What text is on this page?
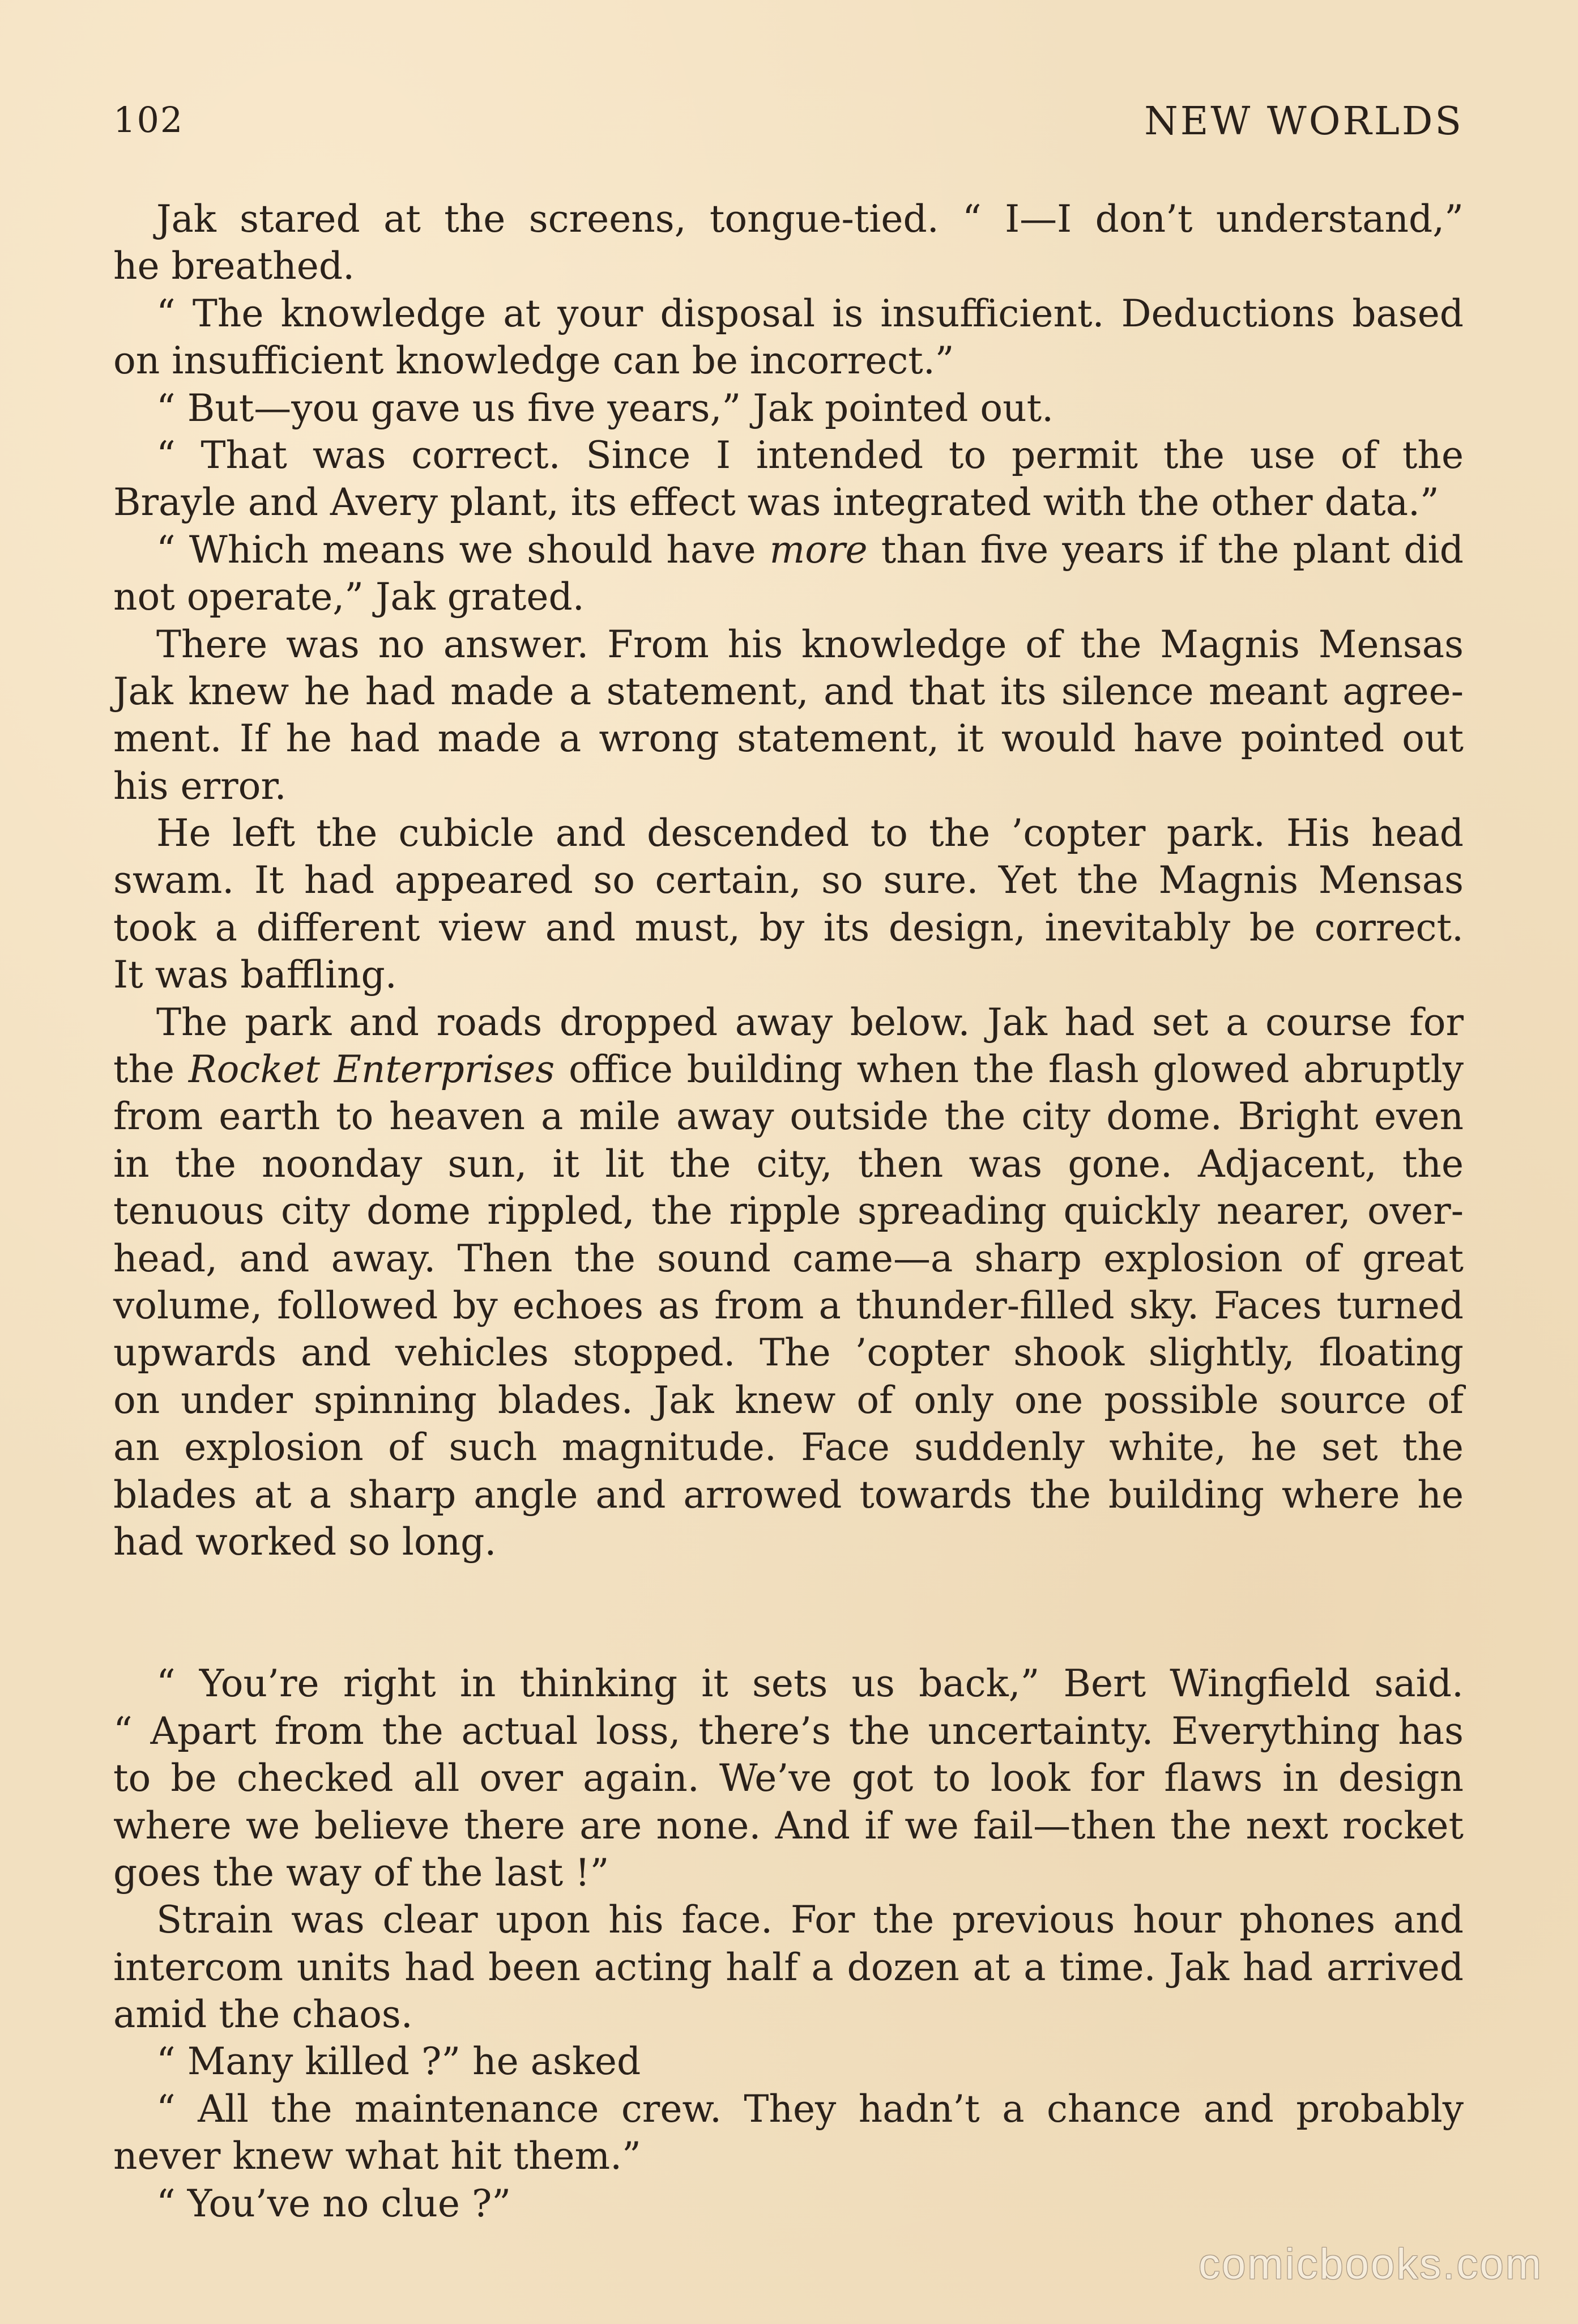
102	NEW WORLDS
Jak stared at the screens, tongue-tied. “ I—I don’t understand,”
he breathed.
“ The knowledge at your disposal is insufficient. Deductions based
on insufficient knowledge can be incorrect.”
“ But—you gave us five years,” Jak pointed out.
“ That was correct. Since I intended to permit the use of the
Brayle and Avery plant, its effect was integrated with the other data.”
“ Which means we should have more than five years if the plant did
not operate,” Jak grated.
There was no answer. From his knowledge of the Magnis Mensas
Jak knew he had made a statement, and that its silence meant agree-
ment. If he had made a wrong statement, it would have pointed out
his error.
He left the cubicle and descended to the ’copter park. His head
swam. It had appeared so certain, so sure. Yet the Magnis Mensas
took a different view and must, by its design, inevitably be correct.
It was baffling.
The park and roads dropped away below. Jak had set a course for
the Rocket Enterprises office building when the flash glowed abruptly
from earth to heaven a mile away outside the city dome. Bright even
in the noonday sun, it lit the city, then was gone. Adjacent, the
tenuous city dome rippled, the ripple spreading quickly nearer, over-
head, and away. Then the sound came—a sharp explosion of great
volume, followed by echoes as from a thunder-filled sky. Faces turned
upwards and vehicles stopped. The ’copter shook slightly, floating
on under spinning blades. Jak knew of only one possible source of
an explosion of such magnitude. Face suddenly white, he set the
blades at a sharp angle and arrowed towards the building where he
had worked so long.
“ You’re right in thinking it sets us back,” Bert Wingfield said.
“ Apart from the actual loss, there’s the uncertainty. Everything has
to be checked all over again. We’ve got to look for flaws in design
where we believe there are none. And if we fail—then the next rocket
goes the way of the last !”
Strain was clear upon his face. For the previous hour phones and
intercom units had been acting half a dozen at a time. Jak had arrived
amid the chaos.
“ Many killed ?” he asked
“ All the maintenance crew. They hadn’t a chance and probably
never knew what hit them.”
“ You’ve no clue ?”
comicbooks.com
